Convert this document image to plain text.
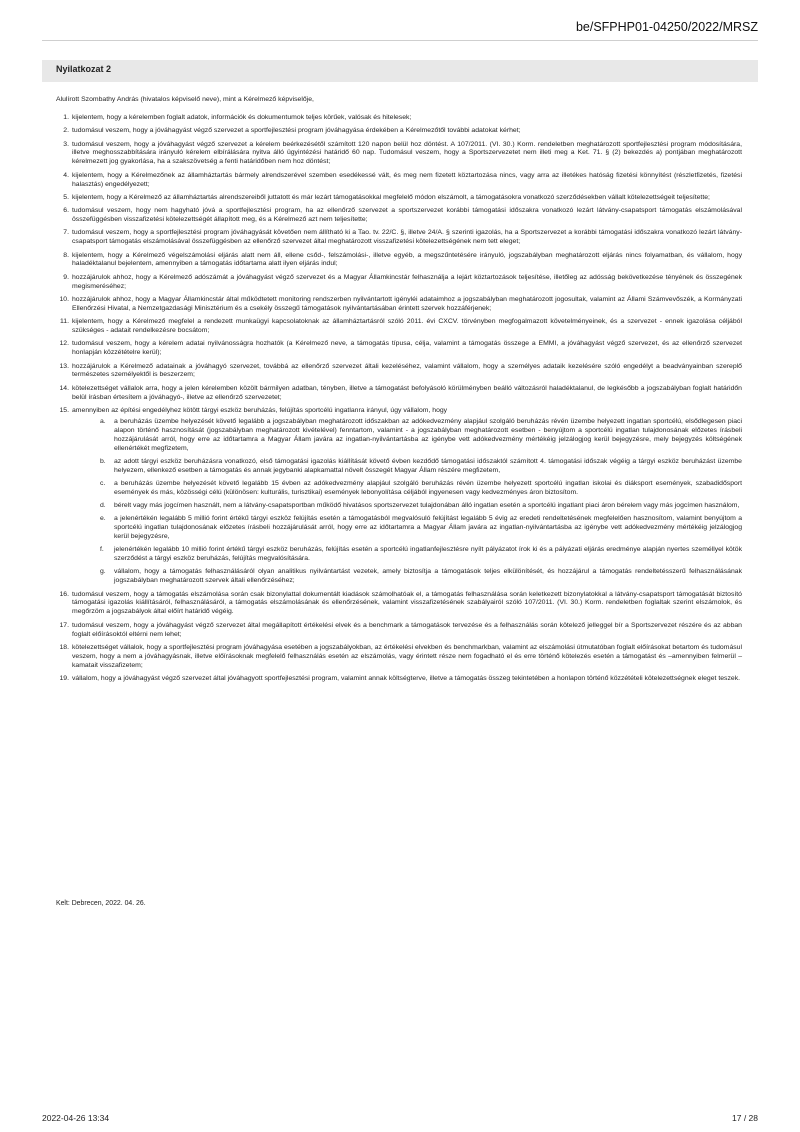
be/SFPHP01-04250/2022/MRSZ
Nyilatkozat 2

Alulírott Szombathy András (hivatalos képviselő neve), mint a Kérelmező képviselője,

1. kijelentem, hogy a kérelemben foglalt adatok, információk és dokumentumok teljes körűek, valósak és hitelesek;
2. tudomásul veszem, hogy a jóváhagyást végző szervezet a sportfejlesztési program jóváhagyása érdekében a Kérelmezőtől további adatokat kérhet;
3. tudomásul veszem, hogy a jóváhagyást végző szervezet a kérelem beérkezésétől számított 120 napon belül hoz döntést. A 107/2011. (VI. 30.) Korm. rendeletben meghatározott sportfejlesztési program módosítására, illetve meghosszabbítására irányuló kérelem elbírálására nyitva álló ügyintézési határidő 60 nap. Tudomásul veszem, hogy a Sportszervezetet nem illeti meg a Ket. 71. § (2) bekezdés a) pontjában meghatározott kérelmezett jog gyakorlása, ha a szakszövetség a fenti határidőben nem hoz döntést;
4. kijelentem, hogy a Kérelmezőnek az államháztartás bármely alrendszerével szemben esedékessé vált, és meg nem fizetett köztartozása nincs, vagy arra az illetékes hatóság fizetési könnyítést (részletfizetés, fizetési halasztás) engedélyezett;
5. kijelentem, hogy a Kérelmező az államháztartás alrendszereiből juttatott és már lezárt támogatásokkal megfelelő módon elszámolt, a támogatásokra vonatkozó szerződésekben vállalt kötelezettségeit teljesítette;
6. tudomásul veszem, hogy nem hagyható jóvá a sportfejlesztési program, ha az ellenőrző szervezet a sportszervezet korábbi támogatási időszakra vonatkozó lezárt látvány-csapatsport támogatás elszámolásával összefüggésben visszafizetési kötelezettségét állapított meg, és a Kérelmező azt nem teljesítette;
7. tudomásul veszem, hogy a sportfejlesztési program jóváhagyását követően nem állítható ki a Tao. tv. 22/C. §, illetve 24/A. § szerinti igazolás, ha a Sportszervezet a korábbi támogatási időszakra vonatkozó lezárt látvány-csapatsport támogatás elszámolásával összefüggésben az ellenőrző szervezet által meghatározott visszafizetési kötelezettségének nem tett eleget;
8. kijelentem, hogy a Kérelmező végelszámolási eljárás alatt nem áll, ellene csőd-, felszámolási-, illetve egyéb, a megszűntetésére irányuló, jogszabályban meghatározott eljárás nincs folyamatban, és vállalom, hogy haladéktalanul bejelentem, amennyiben a támogatás időtartama alatt ilyen eljárás indul;
9. hozzájárulok ahhoz, hogy a Kérelmező adószámát a jóváhagyást végző szervezet és a Magyar Államkincstár felhasználja a lejárt köztartozások teljesítése, illetőleg az adósság bekövetkezése tényének és összegének megismeréséhez;
10. hozzájárulok ahhoz, hogy a Magyar Államkincstár által működtetett monitoring rendszerben nyilvántartott igényléi adataimhoz a jogszabályban meghatározott jogosultak, valamint az Állami Számvevőszék, a Kormányzati Ellenőrzési Hivatal, a Nemzetgazdasági Minisztérium és a csekély összegű támogatások nyilvántartásában érintett szervek hozzáférjenek;
11. kijelentem, hogy a Kérelmező megfelel a rendezett munkaügyi kapcsolatoknak az államháztartásról szóló 2011. évi CXCV. törvényben megfogalmazott követelményeinek, és a szervezet - ennek igazolása céljából szükséges - adatait rendelkezésre bocsátom;
12. tudomásul veszem, hogy a kérelem adatai nyilvánosságra hozhatók (a Kérelmező neve, a támogatás típusa, célja, valamint a támogatás összege a EMMI, a jóváhagyást végző szervezet, és az ellenőrző szervezet honlapján közzétételre kerül);
13. hozzájárulok a Kérelmező adatainak a jóváhagyó szervezet, továbbá az ellenőrző szervezet általi kezeléséhez, valamint vállalom, hogy a személyes adataik kezelésére szóló engedélyt a beadványainban szereplő természetes személyektől is beszerzem;
14. kötelezettséget vállalok arra, hogy a jelen kérelemben közölt bármilyen adatban, tényben, illetve a támogatást befolyásoló körülményben beálló változásról haladéktalanul, de legkésőbb a jogszabályban foglalt határidőn belül írásban értesítem a jóváhagyó-, illetve az ellenőrző szervezetet;
15. amennyiben az építési engedélyhez kötött tárgyi eszköz beruházás, felújítás sportcélú ingatlanra irányul, úgy vállalom, hogy
a. a beruházás üzembe helyezését követő legalább a jogszabályban meghatározott időszakban az adókedvezmény alapjául szolgáló beruházás révén üzembe helyezett ingatlan sportcélú, elsődlegesen piaci alapon történő hasznosítását (jogszabályban meghatározott kivételével) fenntartom, valamint - a jogszabályban meghatározott esetben - benyújtom a sportcélú ingatlan tulajdonosának előzetes írásbeli hozzájárulását arról, hogy erre az időtartamra a Magyar Állam javára az ingatlan-nyilvántartásba az igénybe vett adókedvezmény mértékéig jelzálogjog kerül bejegyzésre, mely bejegyzés költségének ellenértékét megfizetem,
b. az adott tárgyi eszköz beruházásra vonatkozó, első támogatási igazolás kiállítását követő évben kezdődő támogatási időszaktól számított 4. támogatási időszak végéig a tárgyi eszköz beruházást üzembe helyezem, ellenkező esetben a támogatás és annak jegybanki alapkamattal növelt összegét Magyar Állam részére megfizetem,
c. a beruházás üzembe helyezését követő legalább 15 évben az adókedvezmény alapjául szolgáló beruházás révén üzembe helyezett sportcélú ingatlan iskolai és diáksport események, szabadidősport események és más, közösségi célú (különösen: kulturális, turisztikai) események lebonyolítása céljából ingyenesen vagy kedvezményes áron biztosítom.
d. bérelt vagy más jogcímen használt, nem a látvány-csapatsportban működő hivatásos sportszervezet tulajdonában álló ingatlan esetén a sportcélú ingatlant piaci áron bérelem vagy más jogcímen használom,
e. a jelenértékén legalább 5 millió forint értékű tárgyi eszköz felújítás esetén a támogatásból megvalósuló felújítást legalább 5 évig az eredeti rendeltetésének megfelelően hasznosítom, valamint benyújtom a sportcélú ingatlan tulajdonosának előzetes írásbeli hozzájárulását arról, hogy erre az időtartamra a Magyar Állam javára az ingatlan-nyilvántartásba az igénybe vett adókedvezmény mértékéig jelzálogjog kerül bejegyzésre,
f. jelenértékén legalább 10 millió forint értékű tárgyi eszköz beruházás, felújítás esetén a sportcélú ingatlanfejlesztésre nyílt pályázatot írok ki és a pályázati eljárás eredménye alapján nyertes személlyel kötök szerződést a tárgyi eszköz beruházás, felújítás megvalósítására.
g. vállalom, hogy a támogatás felhasználásáról olyan analitikus nyilvántartást vezetek, amely biztosítja a támogatások teljes elkülönítését, és hozzájárul a támogatás rendeltetésszerű felhasználásának jogszabályban meghatározott szervek általi ellenőrzéséhez;
16. tudomásul veszem, hogy a támogatás elszámolása során csak bizonylattal dokumentált kiadások számolhatóak el, a támogatás felhasználása során keletkezett bizonylatokkal a látvány-csapatsport támogatását biztosító támogatási igazolás kiállításáról, felhasználásáról, a támogatás elszámolásának és ellenőrzésének, valamint visszafizetésének szabályairól szóló 107/2011. (VI. 30.) Korm. rendeletben foglaltak szerint elszámolok, és megőrzöm a jogszabályok által előírt határidő végéig.
17. tudomásul veszem, hogy a jóváhagyást végző szervezet által megállapított értékelési elvek és a benchmark a támogatások tervezése és a felhasználás során kötelező jelleggel bír a Sportszervezet részére és az abban foglalt előírásoktól eltérni nem lehet;
18. kötelezettséget vállalok, hogy a sportfejlesztési program jóváhagyása esetében a jogszabályokban, az értékelési elvekben és benchmarkban, valamint az elszámolási útmutatóban foglalt előírásokat betartom és tudomásul veszem, hogy a nem a jóváhagyásnak, illetve előírásoknak megfelelő felhasználás esetén az elszámolás, vagy érintett része nem fogadható el és erre történő kötelezés esetén a támogatást és –amennyiben felmerül – kamatait visszafizetem;
19. vállalom, hogy a jóváhagyást végző szervezet által jóváhagyott sportfejlesztési program, valamint annak költségterve, illetve a támogatás összeg tekintetében a honlapon történő közzétételi kötelezettségnek eleget teszek.
Kelt: Debrecen, 2022. 04. 26.
2022-04-26 13:34	17 / 28
